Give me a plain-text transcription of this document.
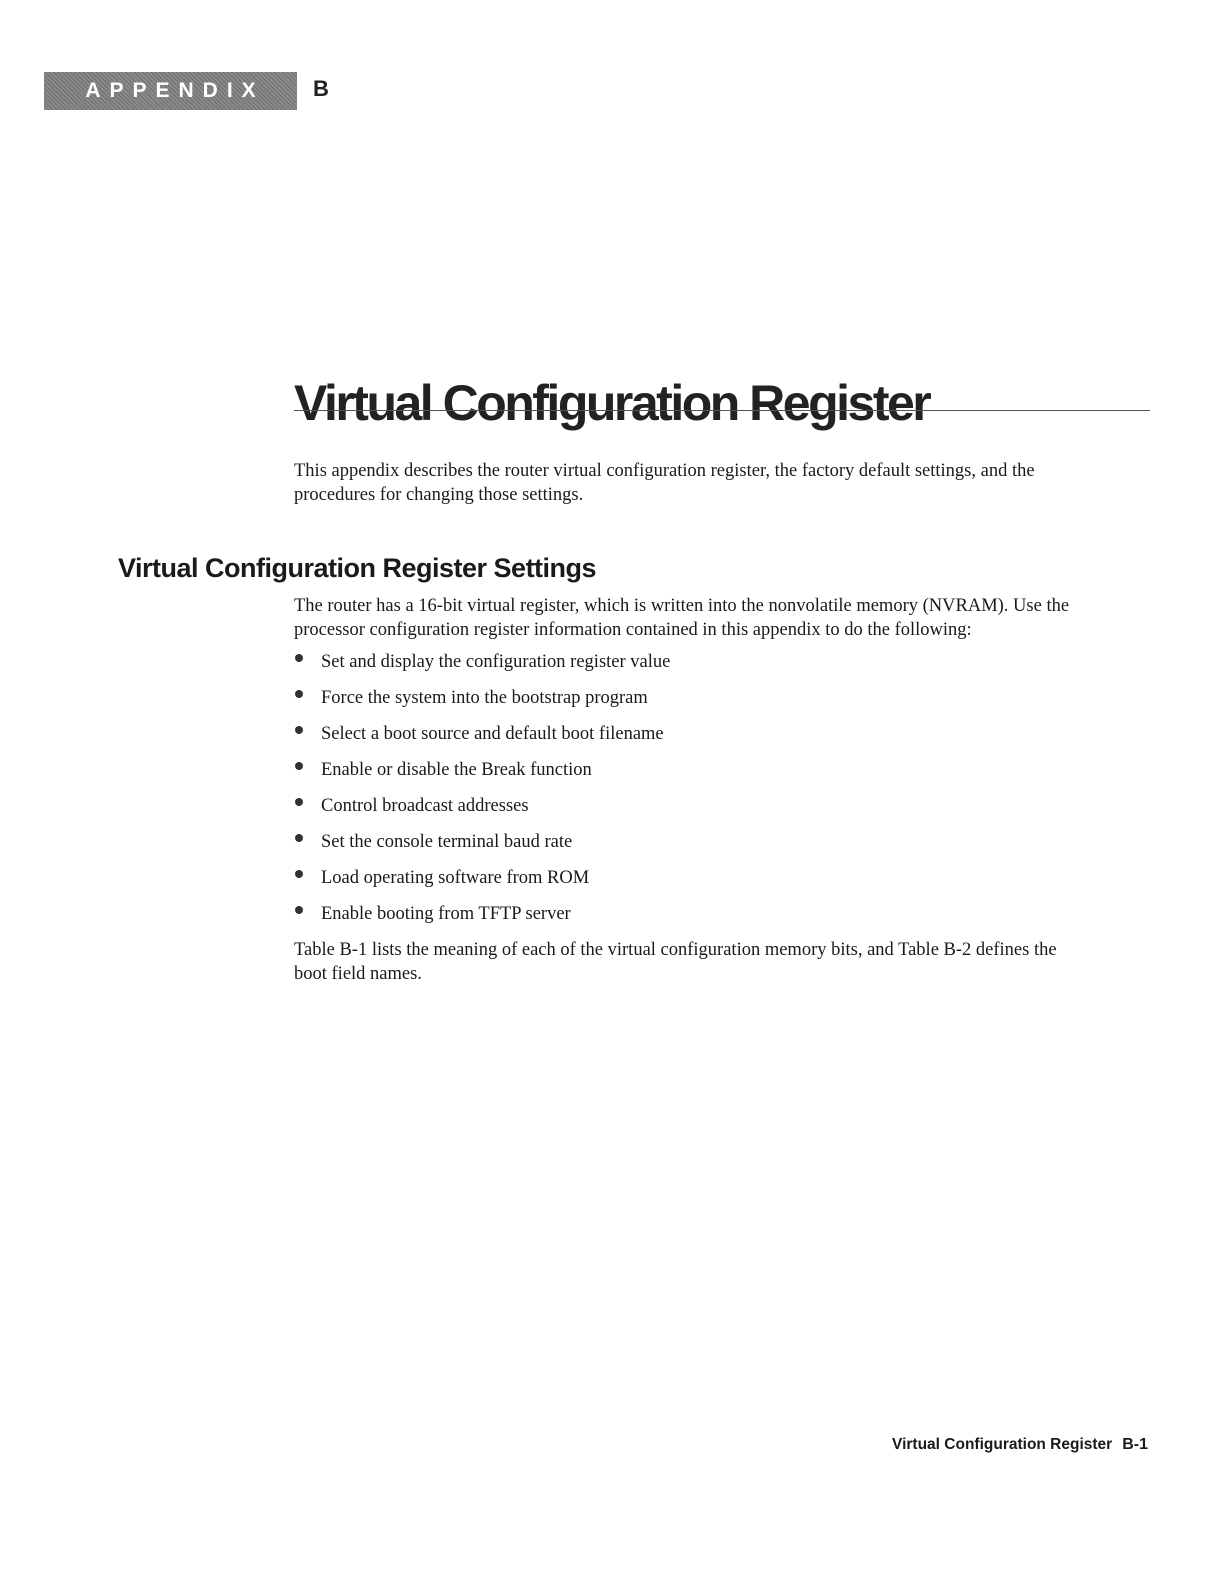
APPENDIX B
Virtual Configuration Register

This appendix describes the router virtual configuration register, the factory default settings, and the procedures for changing those settings.

Virtual Configuration Register Settings

The router has a 16-bit virtual register, which is written into the nonvolatile memory (NVRAM). Use the processor configuration register information contained in this appendix to do the following:

Set and display the configuration register value
Force the system into the bootstrap program
Select a boot source and default boot filename
Enable or disable the Break function
Control broadcast addresses
Set the console terminal baud rate
Load operating software from ROM
Enable booting from TFTP server

Table B-1 lists the meaning of each of the virtual configuration memory bits, and Table B-2 defines the boot field names.

Virtual Configuration Register B-1
